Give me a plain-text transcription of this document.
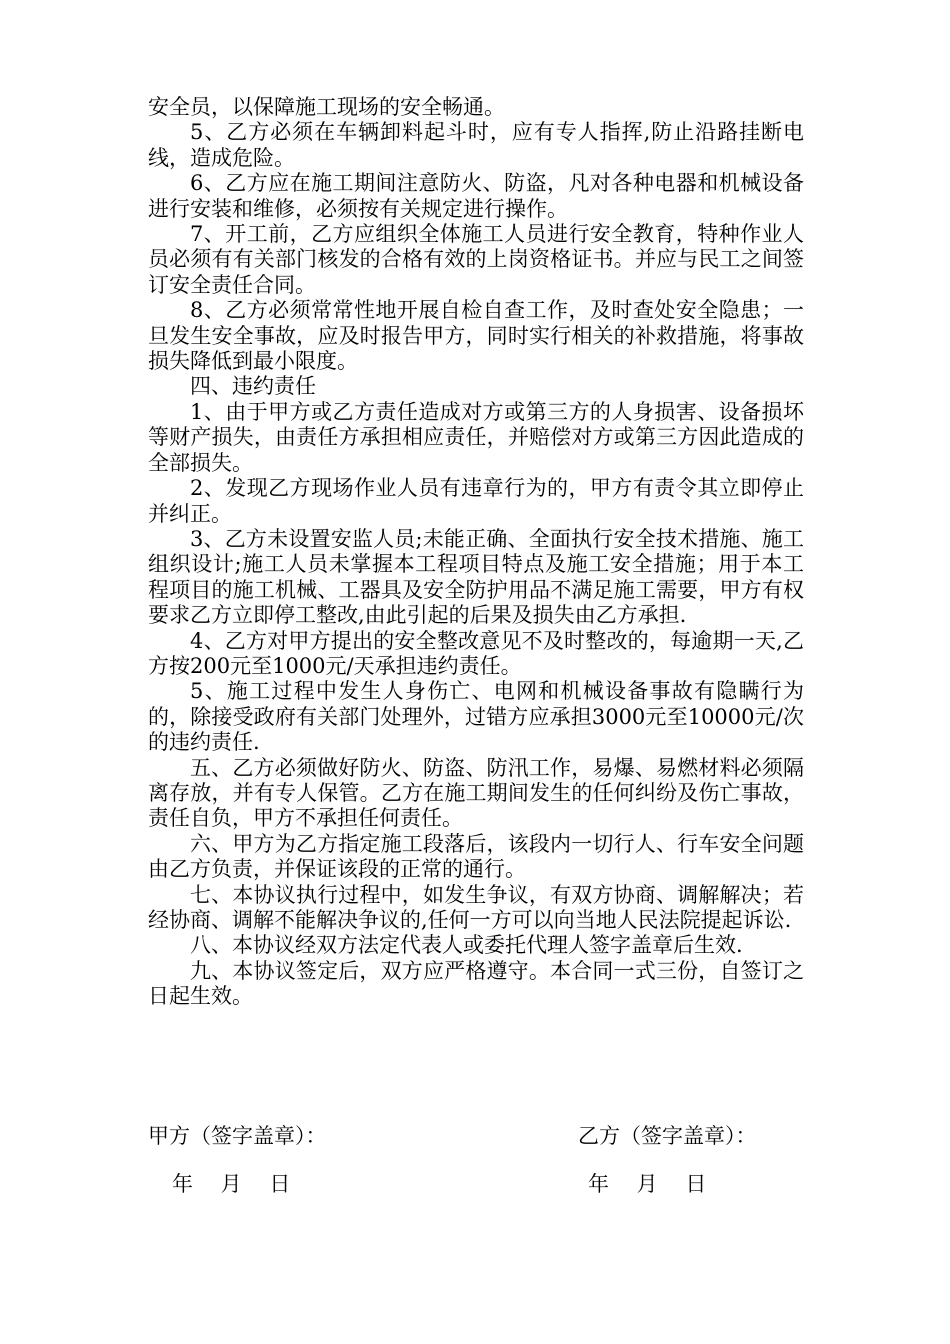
安全员，以保障施工现场的安全畅通。

5、乙方必须在车辆卸料起斗时，应有专人指挥,防止沿路挂断电线，造成危险。

6、乙方应在施工期间注意防火、防盗，凡对各种电器和机械设备进行安装和维修，必须按有关规定进行操作。

7、开工前，乙方应组织全体施工人员进行安全教育，特种作业人员必须有有关部门核发的合格有效的上岗资格证书。并应与民工之间签订安全责任合同。

8、乙方必须常常性地开展自检自查工作，及时查处安全隐患；一旦发生安全事故，应及时报告甲方，同时实行相关的补救措施，将事故损失降低到最小限度。

四、违约责任

1、由于甲方或乙方责任造成对方或第三方的人身损害、设备损坏等财产损失，由责任方承担相应责任，并赔偿对方或第三方因此造成的全部损失。

2、发现乙方现场作业人员有违章行为的，甲方有责令其立即停止并纠正。

3、乙方未设置安监人员;未能正确、全面执行安全技术措施、施工组织设计;施工人员未掌握本工程项目特点及施工安全措施；用于本工程项目的施工机械、工器具及安全防护用品不满足施工需要，甲方有权要求乙方立即停工整改,由此引起的后果及损失由乙方承担.

4、乙方对甲方提出的安全整改意见不及时整改的，每逾期一天,乙方按200元至1000元/天承担违约责任。

5、施工过程中发生人身伤亡、电网和机械设备事故有隐瞒行为的，除接受政府有关部门处理外，过错方应承担3000元至10000元/次的违约责任.

五、乙方必须做好防火、防盗、防汛工作，易爆、易燃材料必须隔离存放，并有专人保管。乙方在施工期间发生的任何纠纷及伤亡事故，责任自负，甲方不承担任何责任。

六、甲方为乙方指定施工段落后，该段内一切行人、行车安全问题由乙方负责，并保证该段的正常的通行。

七、本协议执行过程中，如发生争议，有双方协商、调解解决；若经协商、调解不能解决争议的,任何一方可以向当地人民法院提起诉讼.

八、本协议经双方法定代表人或委托代理人签字盖章后生效.

九、本协议签定后，双方应严格遵守。本合同一式三份，自签订之日起生效。

甲方（签字盖章）：	乙方（签字盖章）：
年　 月　 日	年　 月　 日
